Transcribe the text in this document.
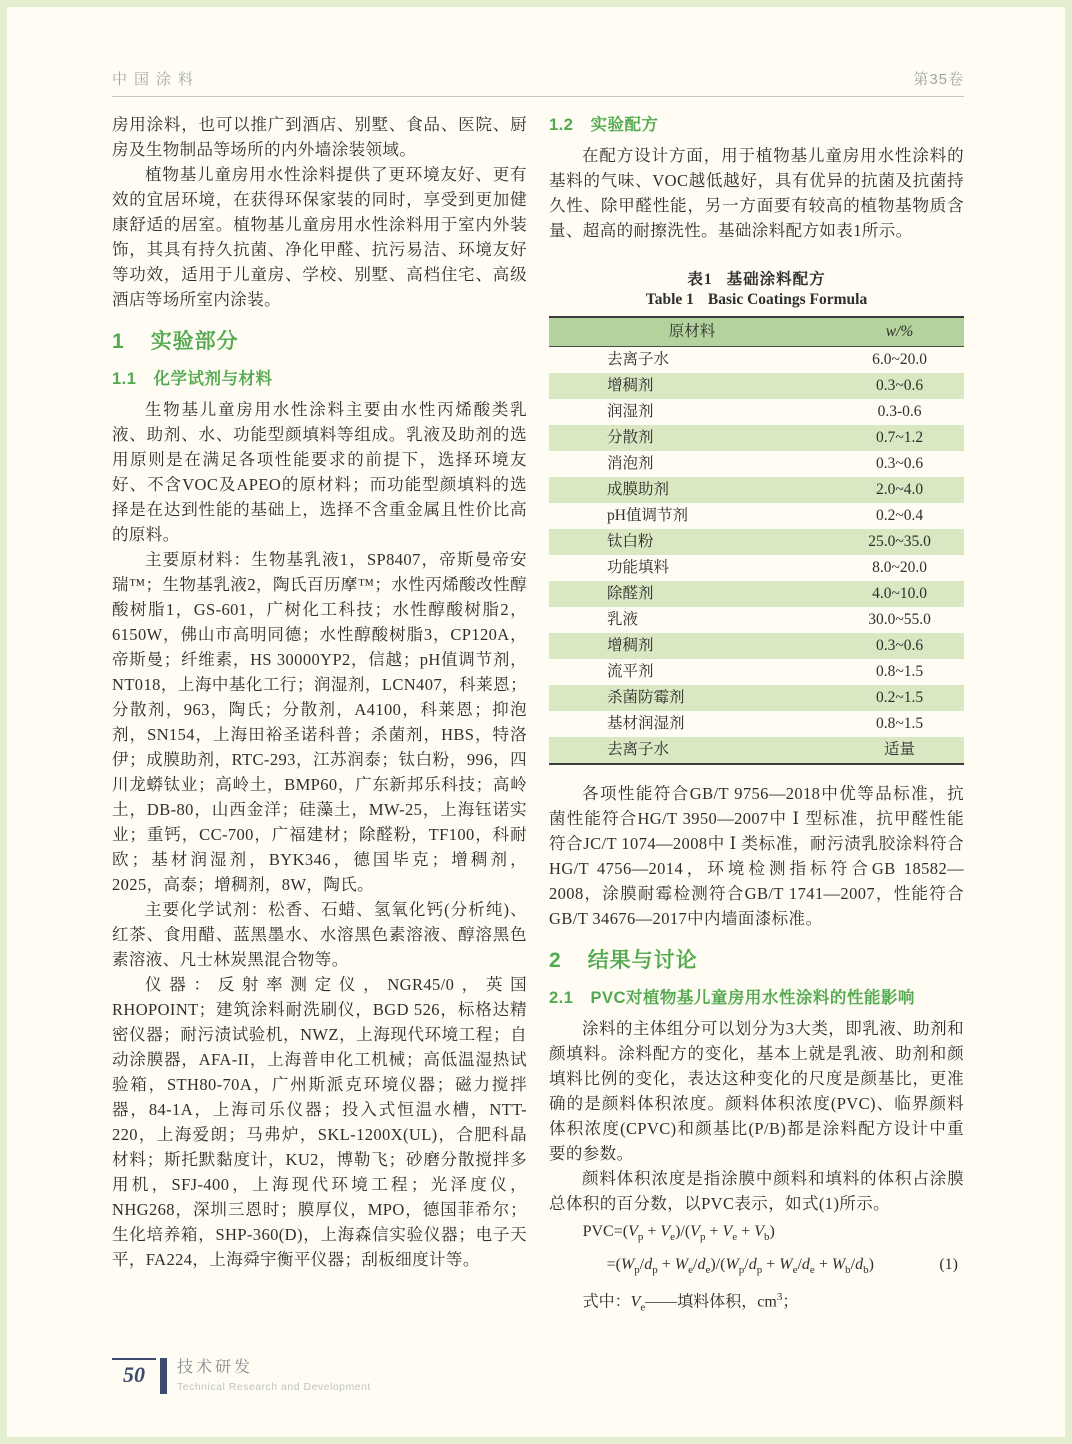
中国涂料	第35卷

房用涂料，也可以推广到酒店、别墅、食品、医院、厨房及生物制品等场所的内外墙涂装领域。

植物基儿童房用水性涂料提供了更环境友好、更有效的宜居环境，在获得环保家装的同时，享受到更加健康舒适的居室。植物基儿童房用水性涂料用于室内外装饰，其具有持久抗菌、净化甲醛、抗污易洁、环境友好等功效，适用于儿童房、学校、别墅、高档住宅、高级酒店等场所室内涂装。

1 实验部分
1.1 化学试剂与材料

生物基儿童房用水性涂料主要由水性丙烯酸类乳液、助剂、水、功能型颜填料等组成。乳液及助剂的选用原则是在满足各项性能要求的前提下，选择环境友好、不含VOC及APEO的原材料；而功能型颜填料的选择是在达到性能的基础上，选择不含重金属且性价比高的原料。

主要原材料：生物基乳液1，SP8407，帝斯曼帝安瑞™；生物基乳液2，陶氏百历摩™；水性丙烯酸改性醇酸树脂1，GS-601，广树化工科技；水性醇酸树脂2，6150W，佛山市高明同德；水性醇酸树脂3，CP120A，帝斯曼；纤维素，HS 30000YP2，信越；pH值调节剂，NT018，上海中基化工行；润湿剂，LCN407，科莱恩；分散剂，963，陶氏；分散剂，A4100，科莱恩；抑泡剂，SN154，上海田裕圣诺科普；杀菌剂，HBS，特洛伊；成膜助剂，RTC-293，江苏润泰；钛白粉，996，四川龙蟒钛业；高岭土，BMP60，广东新邦乐科技；高岭土，DB-80，山西金洋；硅藻土，MW-25，上海钰诺实业；重钙，CC-700，广福建材；除醛粉，TF100，科耐欧；基材润湿剂，BYK346，德国毕克；增稠剂，2025，高泰；增稠剂，8W，陶氏。

主要化学试剂：松香、石蜡、氢氧化钙(分析纯)、红茶、食用醋、蓝黑墨水、水溶黑色素溶液、醇溶黑色素溶液、凡士林炭黑混合物等。

仪器：反射率测定仪，NGR45/0，英国RHOPOINT；建筑涂料耐洗刷仪，BGD 526，标格达精密仪器；耐污渍试验机，NWZ，上海现代环境工程；自动涂膜器，AFA-II，上海普申化工机械；高低温湿热试验箱，STH80-70A，广州斯派克环境仪器；磁力搅拌器，84-1A，上海司乐仪器；投入式恒温水槽，NTT-220，上海爱朗；马弗炉，SKL-1200X(UL)，合肥科晶材料；斯托默黏度计，KU2，博勒飞；砂磨分散搅拌多用机，SFJ-400，上海现代环境工程；光泽度仪，NHG268，深圳三恩时；膜厚仪，MPO，德国菲希尔；生化培养箱，SHP-360(D)，上海森信实验仪器；电子天平，FA224，上海舜宇衡平仪器；刮板细度计等。

1.2 实验配方

在配方设计方面，用于植物基儿童房用水性涂料的基料的气味、VOC越低越好，具有优异的抗菌及抗菌持久性、除甲醛性能，另一方面要有较高的植物基物质含量、超高的耐擦洗性。基础涂料配方如表1所示。

表1 基础涂料配方
Table 1 Basic Coatings Formula
原材料	w/%
去离子水	6.0~20.0
增稠剂	0.3~0.6
润湿剂	0.3-0.6
分散剂	0.7~1.2
消泡剂	0.3~0.6
成膜助剂	2.0~4.0
pH值调节剂	0.2~0.4
钛白粉	25.0~35.0
功能填料	8.0~20.0
除醛剂	4.0~10.0
乳液	30.0~55.0
增稠剂	0.3~0.6
流平剂	0.8~1.5
杀菌防霉剂	0.2~1.5
基材润湿剂	0.8~1.5
去离子水	适量

各项性能符合GB/T 9756—2018中优等品标准，抗菌性能符合HG/T 3950—2007中 Ⅰ 型标准，抗甲醛性能符合JC/T 1074—2008中 Ⅰ 类标准，耐污渍乳胶涂料符合HG/T 4756—2014，环境检测指标符合GB 18582—2008，涂膜耐霉检测符合GB/T 1741—2007，性能符合GB/T 34676—2017中内墙面漆标准。

2 结果与讨论
2.1 PVC对植物基儿童房用水性涂料的性能影响

涂料的主体组分可以划分为3大类，即乳液、助剂和颜填料。涂料配方的变化，基本上就是乳液、助剂和颜填料比例的变化，表达这种变化的尺度是颜基比，更准确的是颜料体积浓度。颜料体积浓度(PVC)、临界颜料体积浓度(CPVC)和颜基比(P/B)都是涂料配方设计中重要的参数。

颜料体积浓度是指涂膜中颜料和填料的体积占涂膜总体积的百分数，以PVC表示，如式(1)所示。

$PVC=(V_p + V_e)/(V_p + V_e + V_b)$
$=(W_p/d_p + W_e/d_e)/(W_p/d_p + W_e/d_e + W_b/d_b)$	(1)
式中：$V_e——$填料体积，$cm^3$；
50	技术研发
Technical Research and Development
